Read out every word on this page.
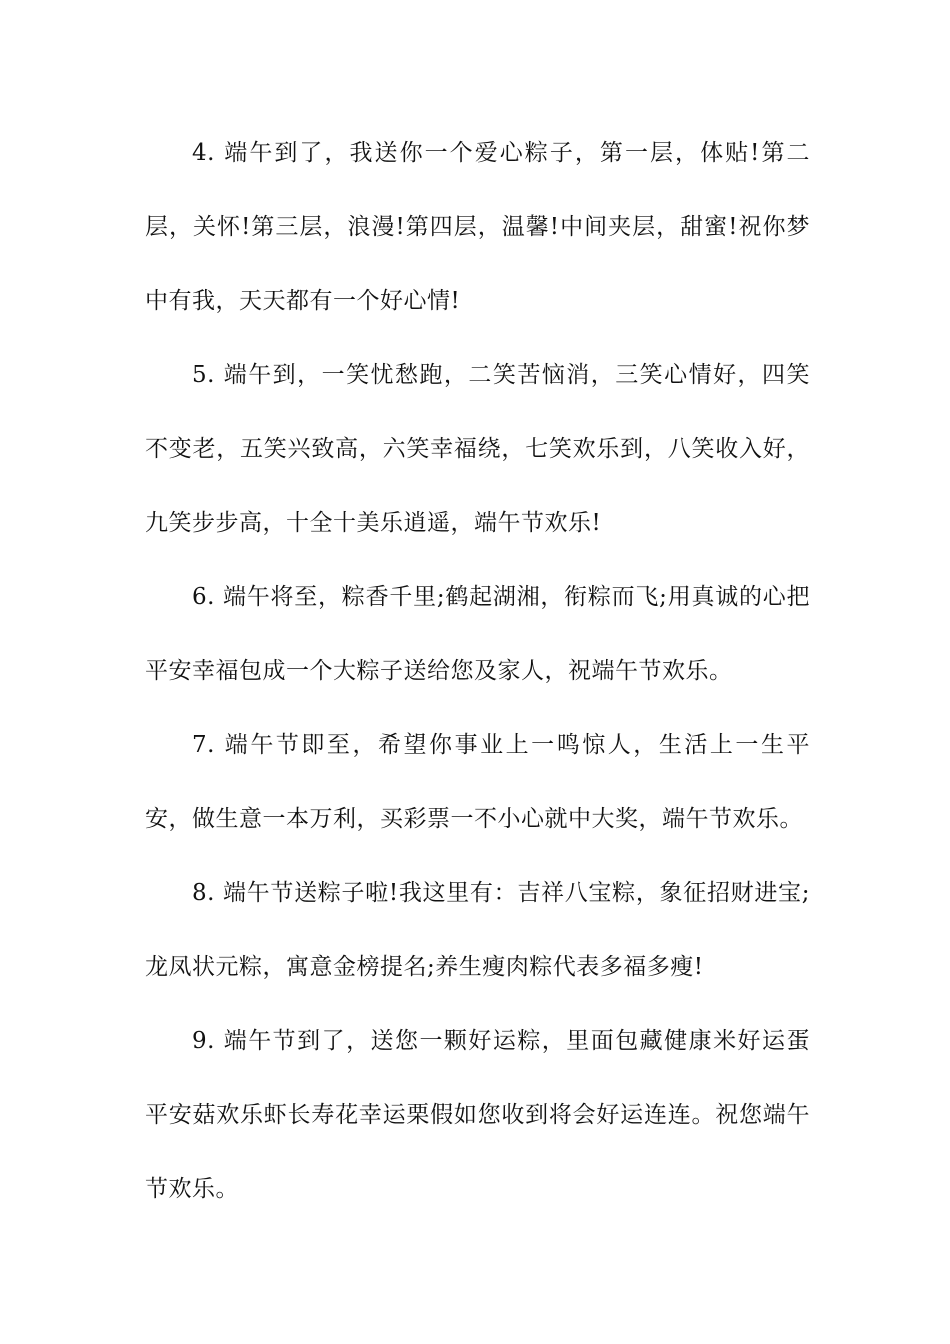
4. 端午到了，我送你一个爱心粽子，第一层，体贴!第二层，关怀!第三层，浪漫!第四层，温馨!中间夹层，甜蜜!祝你梦中有我，天天都有一个好心情!

5. 端午到，一笑忧愁跑，二笑苦恼消，三笑心情好，四笑不变老，五笑兴致高，六笑幸福绕，七笑欢乐到，八笑收入好，九笑步步高，十全十美乐逍遥，端午节欢乐!

6. 端午将至，粽香千里;鹤起湖湘，衔粽而飞;用真诚的心把平安幸福包成一个大粽子送给您及家人，祝端午节欢乐。

7. 端午节即至，希望你事业上一鸣惊人，生活上一生平安，做生意一本万利，买彩票一不小心就中大奖，端午节欢乐。

8. 端午节送粽子啦!我这里有：吉祥八宝粽，象征招财进宝;龙凤状元粽，寓意金榜提名;养生瘦肉粽代表多福多瘦!

9. 端午节到了，送您一颗好运粽，里面包藏健康米好运蛋平安菇欢乐虾长寿花幸运栗假如您收到将会好运连连。祝您端午节欢乐。
